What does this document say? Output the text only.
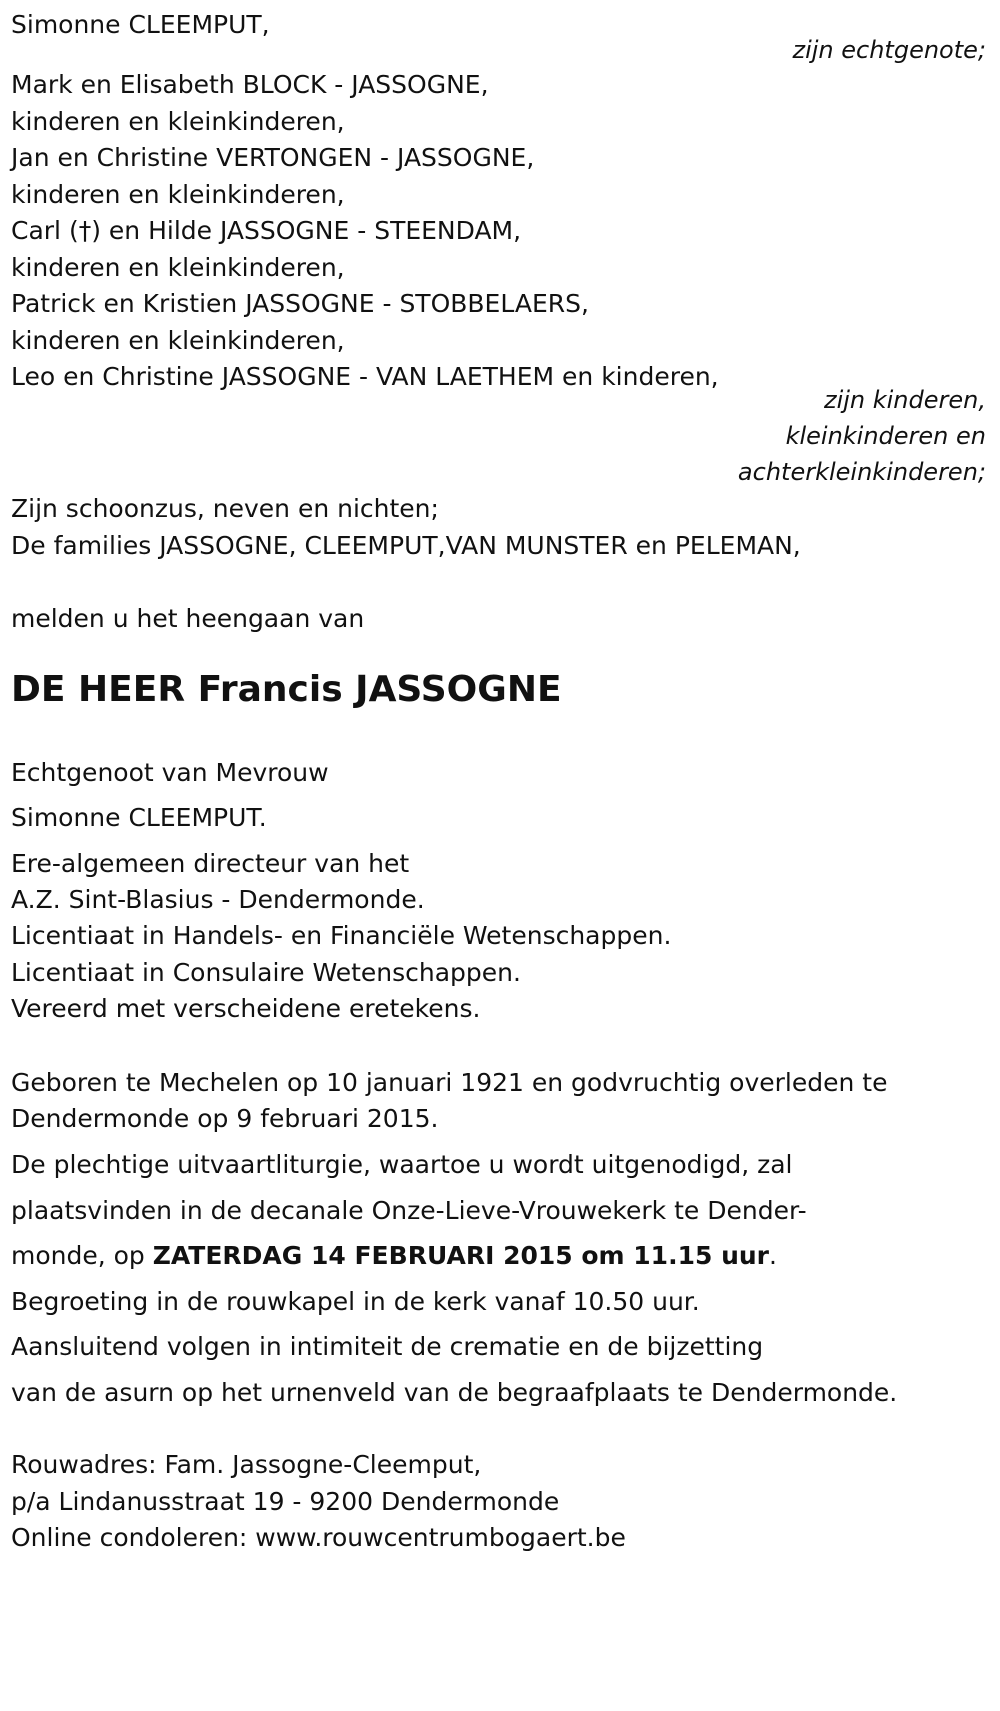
Simonne CLEEMPUT,
zijn echtgenote;
Mark en Elisabeth BLOCK - JASSOGNE,
kinderen en kleinkinderen,
Jan en Christine VERTONGEN - JASSOGNE,
kinderen en kleinkinderen,
Carl (†) en Hilde JASSOGNE - STEENDAM,
kinderen en kleinkinderen,
Patrick en Kristien JASSOGNE - STOBBELAERS,
kinderen en kleinkinderen,
Leo en Christine JASSOGNE - VAN LAETHEM en kinderen,
zijn kinderen,
kleinkinderen en
achterkleinkinderen;
Zijn schoonzus, neven en nichten;
De families JASSOGNE, CLEEMPUT,VAN MUNSTER en PELEMAN,
melden u het heengaan van
DE HEER Francis JASSOGNE
Echtgenoot van Mevrouw
Simonne CLEEMPUT.
Ere-algemeen directeur van het
A.Z. Sint-Blasius - Dendermonde.
Licentiaat in Handels- en Financiële Wetenschappen.
Licentiaat in Consulaire Wetenschappen.
Vereerd met verscheidene eretekens.
Geboren te Mechelen op 10 januari 1921 en godvruchtig overleden te
Dendermonde op 9 februari 2015.
De plechtige uitvaartliturgie, waartoe u wordt uitgenodigd, zal
plaatsvinden in de decanale Onze-Lieve-Vrouwekerk te Dender-
monde, op ZATERDAG 14 FEBRUARI 2015 om 11.15 uur.
Begroeting in de rouwkapel in de kerk vanaf 10.50 uur.
Aansluitend volgen in intimiteit de crematie en de bijzetting
van de asurn op het urnenveld van de begraafplaats te Dendermonde.
Rouwadres: Fam. Jassogne-Cleemput,
p/a Lindanusstraat 19 - 9200 Dendermonde
Online condoleren: www.rouwcentrumbogaert.be
